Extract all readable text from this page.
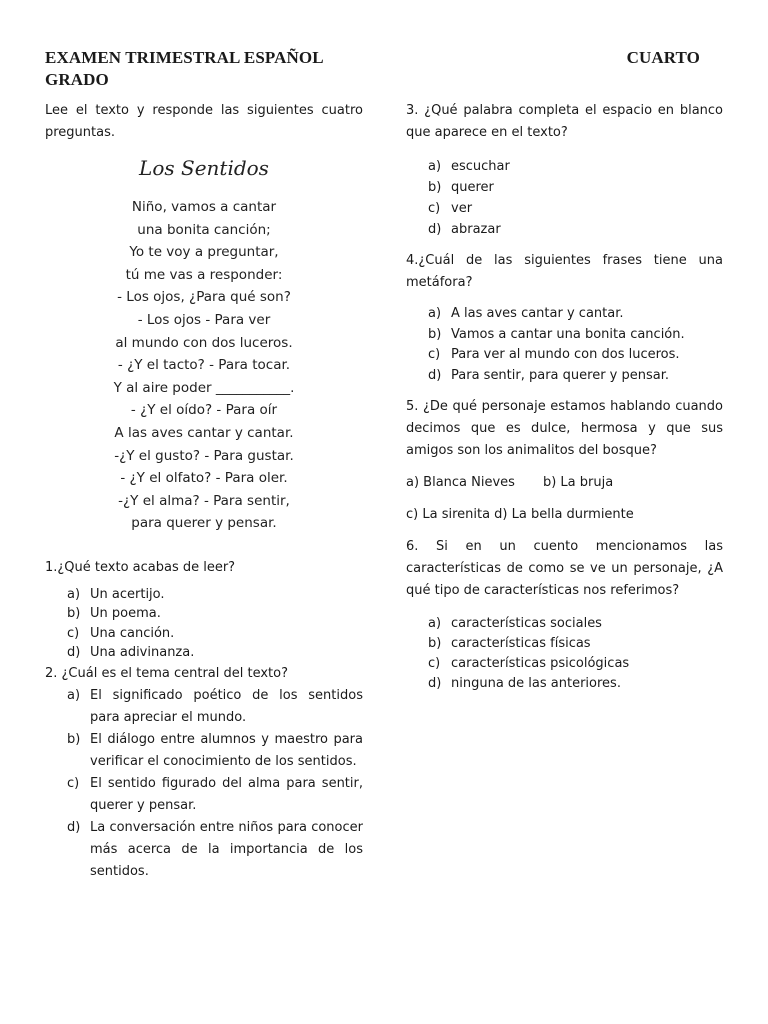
EXAMEN TRIMESTRAL ESPAÑOL	CUARTO
GRADO

Lee el texto y responde las siguientes cuatro preguntas.

Los Sentidos
Niño, vamos a cantar
una bonita canción;
Yo te voy a preguntar,
tú me vas a responder:
- Los ojos, ¿Para qué son?
- Los ojos - Para ver
al mundo con dos luceros.
- ¿Y el tacto? - Para tocar.
Y al aire poder ___________.
- ¿Y el oído? - Para oír
A las aves cantar y cantar.
-¿Y el gusto? - Para gustar.
- ¿Y el olfato? - Para oler.
-¿Y el alma? - Para sentir,
para querer y pensar.

1.¿Qué texto acabas de leer?

a) Un acertijo.
b) Un poema.
c) Una canción.
d) Una adivinanza.

2. ¿Cuál es el tema central del texto?

a) El significado poético de los sentidos para apreciar el mundo.
b) El diálogo entre alumnos y maestro para verificar el conocimiento de los sentidos.
c) El sentido figurado del alma para sentir, querer y pensar.
d) La conversación entre niños para conocer más acerca de la importancia de los sentidos.

3. ¿Qué palabra completa el espacio en blanco que aparece en el texto?

a) escuchar
b) querer
c) ver
d) abrazar

4.¿Cuál de las siguientes frases tiene una metáfora?

a) A las aves cantar y cantar.
b) Vamos a cantar una bonita canción.
c) Para ver al mundo con dos luceros.
d) Para sentir, para querer y pensar.

5. ¿De qué personaje estamos hablando cuando decimos que es dulce, hermosa y que sus amigos son los animalitos del bosque?

a) Blanca Nieves b) La bruja

c) La sirenita d) La bella durmiente

6. Si en un cuento mencionamos las características de como se ve un personaje, ¿A qué tipo de características nos referimos?

a) características sociales
b) características físicas
c) características psicológicas
d) ninguna de las anteriores.
